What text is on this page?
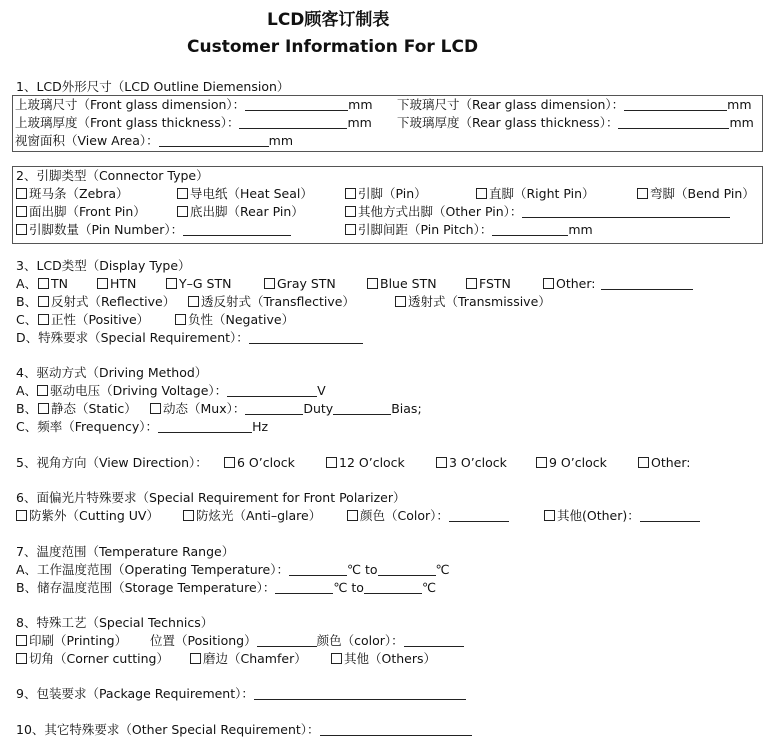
LCD顾客订制表
Customer Information For LCD
1、LCD外形尺寸（LCD Outline Diemension）
上玻璃尺寸（Front glass dimension）：	mm 下玻璃尺寸（Rear glass dimension）：	mm
上玻璃厚度（Front glass thickness）：	mm 下玻璃厚度（Rear glass thickness）：	mm
视窗面积（View Area）：	mm
2、引脚类型（Connector Type）
斑马条（Zebra）	导电纸（Heat Seal）	引脚（Pin）	直脚（Right Pin）	弯脚（Bend Pin）
面出脚（Front Pin）	底出脚（Rear Pin）	其他方式出脚（Other Pin）：
引脚数量（Pin Number）：	引脚间距（Pin Pitch）：	mm
3、LCD类型（Display Type）
A、	TN	HTN	Y–G STN	Gray STN	Blue STN	FSTN	Other:
B、	反射式（Reflective）	透反射式（Transflective）	透射式（Transmissive）
C、	正性（Positive）	负性（Negative）
D、特殊要求（Special Requirement）：
4、驱动方式（Driving Method）
A、 驱动电压（Driving Voltage）：	V
B、	静态（Static）	动态（Mux）：	Duty	Bias;
C、频率（Frequency）：	Hz
5、视角方向（View Direction）：	6 O’clock	12 O’clock	3 O’clock	9 O’clock	Other:
6、面偏光片特殊要求（Special Requirement for Front Polarizer）
防紫外（Cutting UV）	防炫光（Anti–glare）	颜色（Color）：	其他(Other)：
7、温度范围（Temperature Range）
A、工作温度范围（Operating Temperature）：	℃ to	℃
B、储存温度范围（Storage Temperature）：	℃ to	℃
8、特殊工艺（Special Technics）
印刷（Printing） 位置（Positiong）	颜色（color）：
切角（Corner cutting）	磨边（Chamfer）	其他（Others）
9、包装要求（Package Requirement）：
10、其它特殊要求（Other Special Requirement）：
